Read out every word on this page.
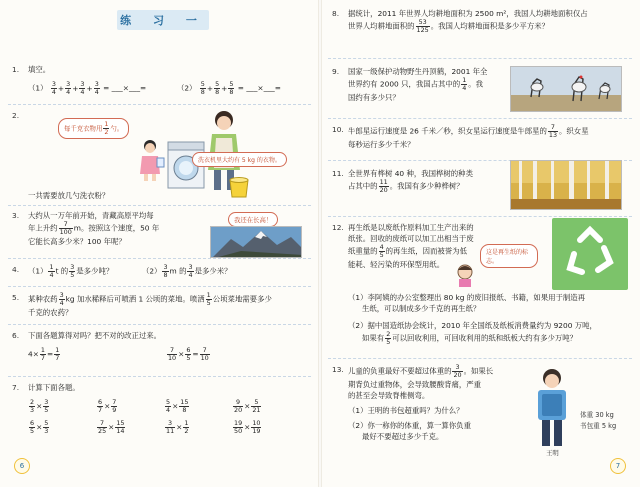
练 习 一
1.	填空。
$(1) \frac{3}{4} + \frac{3}{4} + \frac{3}{4} + \frac{3}{4}$ = ___×___=	$(2) \frac{5}{8} + \frac{5}{8} + \frac{5}{8}$ = ___×___=
2.
每千克衣物用 $\frac{1}{2}$ 勺。
洗衣机里大约有 5 kg 的衣物。
一共需要放几勺洗衣粉？
3.	大约从一万年前开始，青藏高原平均每
年上升约 $\frac{7}{100}$ m。按照这个速度，50 年
它能长高多少米？100 年呢？
我还在长高！
4.	$(1) \frac{1}{4}$ t 的 $\frac{3}{5}$ 是多少吨？	$(2) \frac{3}{8}$ m 的 $\frac{3}{4}$ 是多少米？
5.	某种农药 $\frac{3}{4}$ kg 加水稀释后可喷洒 1 公顷的菜地。喷洒 $\frac{1}{5}$ 公顷菜地需要多少
千克的农药？
6.	下面各题算得对吗？把不对的改正过来。
$4\times \frac{1}{7} = \frac{1}{7}$
	$\frac{7}{10} \times \frac{6}{5} = \frac{7}{10}$
7.	计算下面各题。
$\frac{2}{3} \times \frac{3}{5}$	$\frac{6}{7} \times \frac{7}{9}$	$\frac{5}{4} \times \frac{15}{8}$	$\frac{9}{20} \times \frac{5}{21}$
$\frac{6}{5} \times \frac{5}{3}$	$\frac{7}{25} \times \frac{15}{14}$	$\frac{3}{11} \times \frac{1}{2}$	$\frac{19}{50} \times \frac{10}{19}$
6
8.	据统计，2011 年世界人均耕地面积为 2500 m²，我国人均耕地面积仅占
世界人均耕地面积的 $\frac{53}{125}$ 。我国人均耕地面积是多少平方米？
9.	国家一级保护动物野生丹顶鹤，2001 年全
世界约有 2000 只，我国占其中的 $\frac{1}{4}$ 。我
国约有多少只？
10. 牛郎星运行速度是 26 千米／秒，织女星运行速度是牛郎星的 $\frac{7}{13}$ 。织女星
每秒运行多少千米？
11. 全世界有桦树 40 种，我国桦树的种类
占其中的 $\frac{11}{20}$ 。我国有多少种桦树？
12. 再生纸是以废纸作原料加工生产出来的
纸张。回收的废纸可以加工出相当于废
纸重量的 $\frac{4}{5}$ 的再生纸，因而被誉为低
能耗、轻污染的环保型用纸。
这是再生纸的标志。
（1）李阿姨的办公室整理出 80 kg 的废旧报纸、书籍，如果用于制造再
生纸，可以制成多少千克的再生纸？
（2）据中国造纸协会统计，2010 年全国纸及纸板消费量约为 9200 万吨，
如果有 $\frac{2}{5}$ 可以回收利用，可回收利用的纸和纸板大约有多少万吨？
13. 儿童的负重最好不要超过体重的 $\frac{3}{20}$ 。如果长
期背负过重物体，会导致腰酸背痛，严重
的甚至会导致脊椎侧弯。
（1）王明的书包超重吗？为什么？
（2）你一称你的体重，算一算你负重
最好不要超过多少千克。
体重 30 kg
书包重 5 kg
王明
7
